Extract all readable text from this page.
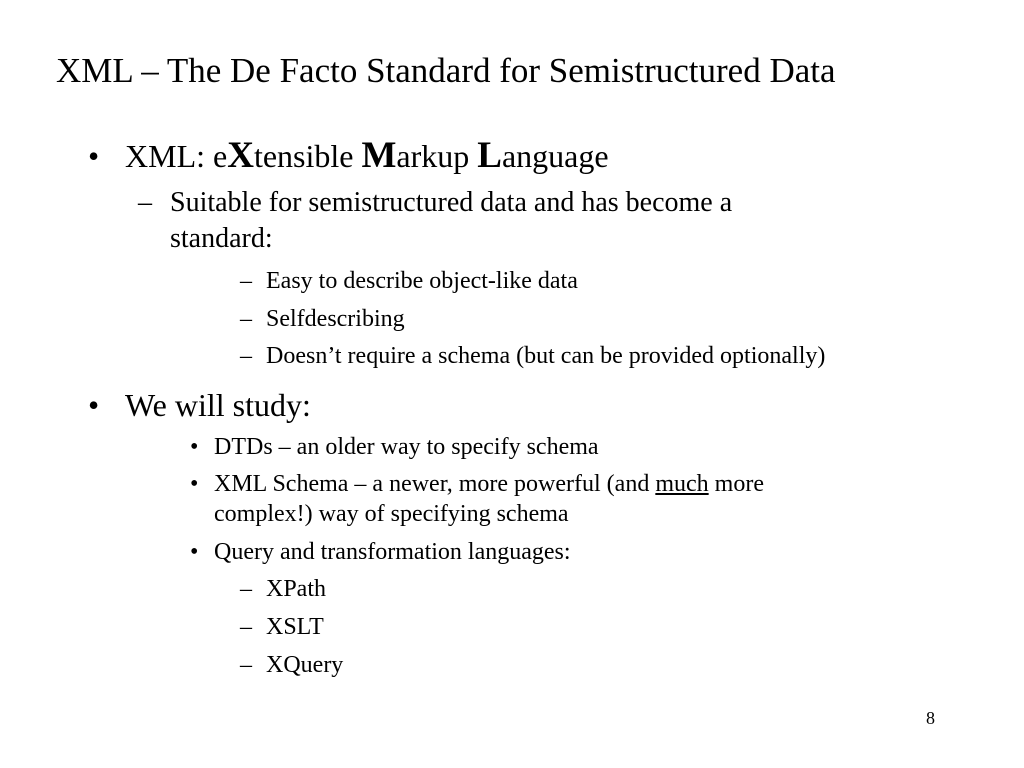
XML – The De Facto Standard for Semistructured Data
• XML: eXtensible Markup Language
– Suitable for semistructured data and has become a
standard:
– Easy to describe object-like data
– Selfdescribing
– Doesn’t require a schema (but can be provided optionally)
• We will study:
• DTDs – an older way to specify schema
• XML Schema – a newer, more powerful (and much more
complex!) way of specifying schema
• Query and transformation languages:
– XPath
– XSLT
– XQuery
8
